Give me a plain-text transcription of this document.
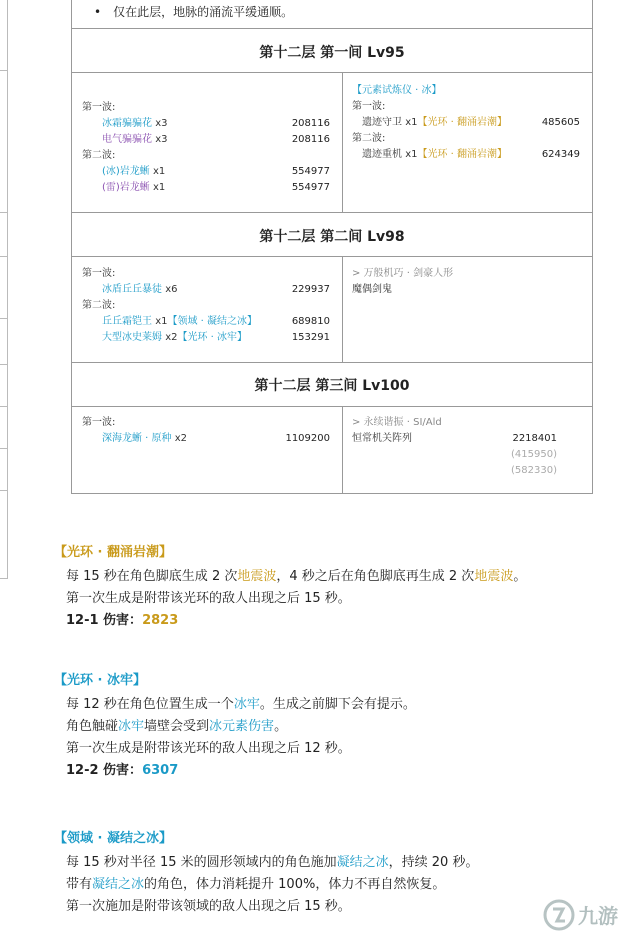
• 仅在此层，地脉的涌流平缓通顺。
第十二层 第一间 Lv95
第一波:
冰霜骗骗花 x3	208116
电气骗骗花 x3	208116
第二波:
(冰)岩龙蜥 x1	554977
(雷)岩龙蜥 x1	554977
【元素试炼仪 · 冰】
第一波:
遗迹守卫 x1【光环 · 翻涌岩潮】	485605
第二波:
遗迹重机 x1【光环 · 翻涌岩潮】	624349
第十二层 第二间 Lv98
第一波:
冰盾丘丘暴徒 x6	229937
第二波:
丘丘霜铠王 x1【领域 · 凝结之冰】	689810
大型冰史莱姆 x2【光环 · 冰牢】	153291
> 万般机巧 · 剑豪人形
魔偶剑鬼
第十二层 第三间 Lv100
第一波:
深海龙蜥 · 原种 x2	1109200
> 永续谐振 · SI/Ald
恒常机关阵列	2218401
(415950)
(582330)
【光环 · 翻涌岩潮】
每 15 秒在角色脚底生成 2 次地震波，4 秒之后在角色脚底再生成 2 次地震波。
第一次生成是附带该光环的敌人出现之后 15 秒。
12-1 伤害：2823
【光环 · 冰牢】
每 12 秒在角色位置生成一个冰牢。生成之前脚下会有提示。
角色触碰冰牢墙壁会受到冰元素伤害。
第一次生成是附带该光环的敌人出现之后 12 秒。
12-2 伤害：6307
【领域 · 凝结之冰】
每 15 秒对半径 15 米的圆形领域内的角色施加凝结之冰，持续 20 秒。
带有凝结之冰的角色，体力消耗提升 100%，体力不再自然恢复。
第一次施加是附带该领域的敌人出现之后 15 秒。	九游
